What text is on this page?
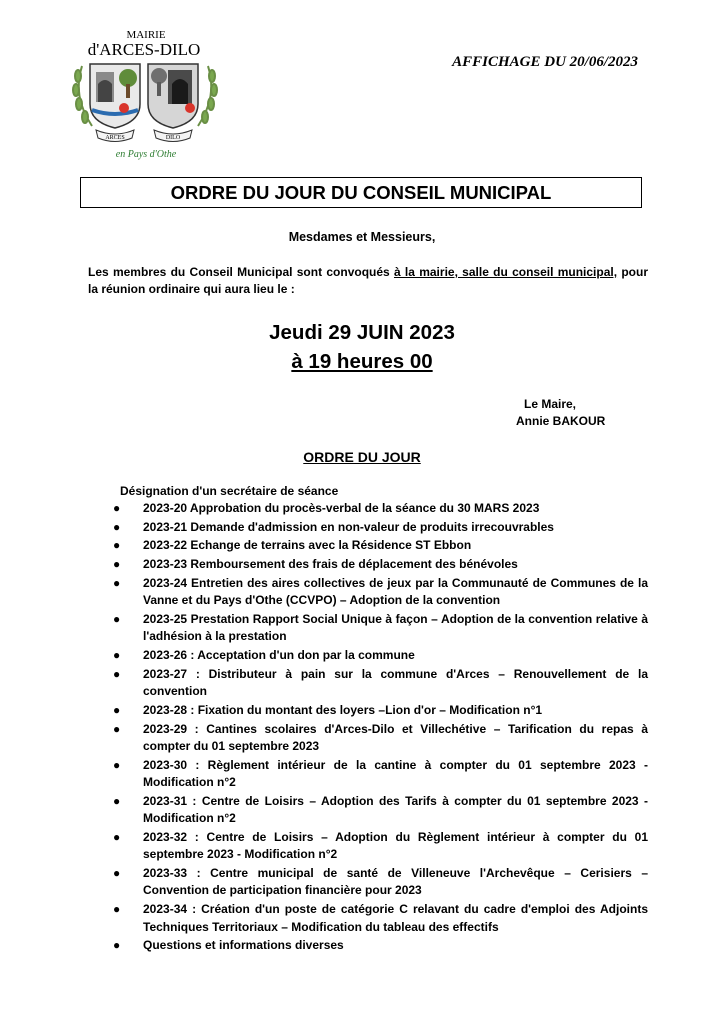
MAIRIE
d'ARCES-DILO
ARCES	DILO
en Pays d'Othe
AFFICHAGE DU 20/06/2023
ORDRE DU JOUR DU CONSEIL MUNICIPAL
Mesdames et Messieurs,
Les membres du Conseil Municipal sont convoqués à la mairie, salle du conseil municipal, pour la réunion ordinaire qui aura lieu le :
Jeudi 29 JUIN 2023
à 19 heures 00
Le Maire,
Annie BAKOUR
ORDRE DU JOUR
Désignation d'un secrétaire de séance
● 2023-20 Approbation du procès-verbal de la séance du 30 MARS 2023
● 2023-21 Demande d'admission en non-valeur de produits irrecouvrables
● 2023-22 Echange de terrains avec la Résidence ST Ebbon
● 2023-23 Remboursement des frais de déplacement des bénévoles
● 2023-24 Entretien des aires collectives de jeux par la Communauté de Communes de la Vanne et du Pays d'Othe (CCVPO) – Adoption de la convention
● 2023-25 Prestation Rapport Social Unique à façon – Adoption de la convention relative à l'adhésion à la prestation
● 2023-26 : Acceptation d'un don par la commune
● 2023-27 : Distributeur à pain sur la commune d'Arces – Renouvellement de la convention
● 2023-28 : Fixation du montant des loyers –Lion d'or – Modification n°1
● 2023-29 : Cantines scolaires d'Arces-Dilo et Villechétive – Tarification du repas à compter du 01 septembre 2023
● 2023-30 : Règlement intérieur de la cantine à compter du 01 septembre 2023 - Modification n°2
● 2023-31 : Centre de Loisirs – Adoption des Tarifs à compter du 01 septembre 2023 - Modification n°2
● 2023-32 : Centre de Loisirs – Adoption du Règlement intérieur à compter du 01 septembre 2023 - Modification n°2
● 2023-33 : Centre municipal de santé de Villeneuve l'Archevêque – Cerisiers – Convention de participation financière pour 2023
● 2023-34 : Création d'un poste de catégorie C relavant du cadre d'emploi des Adjoints Techniques Territoriaux – Modification du tableau des effectifs
● Questions et informations diverses
